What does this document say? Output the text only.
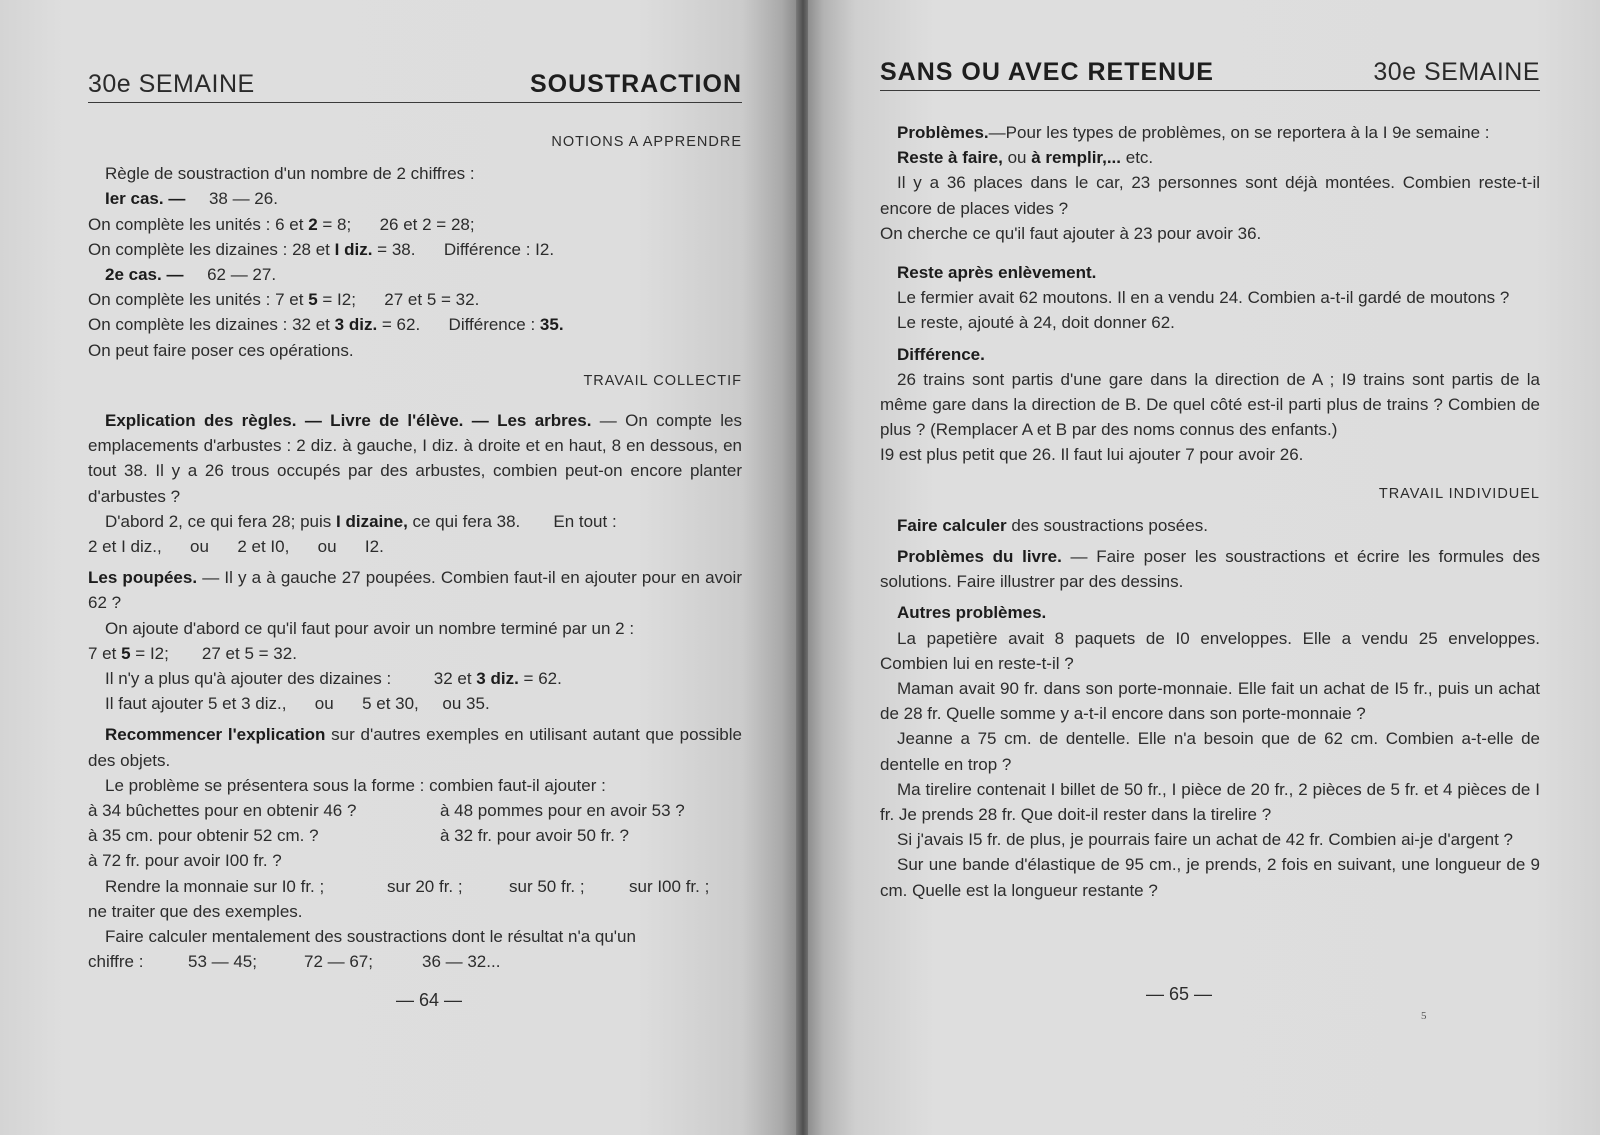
30e SEMAINE	SOUSTRACTION

NOTIONS A APPRENDRE

Règle de soustraction d'un nombre de 2 chiffres :

Ier cas. — 38 — 26.

On complète les unités : 6 et 2 = 8; 26 et 2 = 28;

On complète les dizaines : 28 et I diz. = 38. Différence : I2.

2e cas. — 62 — 27.

On complète les unités : 7 et 5 = I2; 27 et 5 = 32.

On complète les dizaines : 32 et 3 diz. = 62. Différence : 35.

On peut faire poser ces opérations.

TRAVAIL COLLECTIF

Explication des règles. — Livre de l'élève. — Les arbres. — On compte les emplacements d'arbustes : 2 diz. à gauche, I diz. à droite et en haut, 8 en dessous, en tout 38. Il y a 26 trous occupés par des arbustes, combien peut-on encore planter d'arbustes ?

D'abord 2, ce qui fera 28; puis I dizaine, ce qui fera 38. En tout :

2 et I diz., ou 2 et I0, ou I2.

Les poupées. — Il y a à gauche 27 poupées. Combien faut-il en ajouter pour en avoir 62 ?

On ajoute d'abord ce qu'il faut pour avoir un nombre terminé par un 2 :

7 et 5 = I2; 27 et 5 = 32.

Il n'y a plus qu'à ajouter des dizaines :	32 et 3 diz. = 62.

Il faut ajouter 5 et 3 diz., ou 5 et 30, ou 35.

Recommencer l'explication sur d'autres exemples en utilisant autant que possible des objets.

Le problème se présentera sous la forme : combien faut-il ajouter :

à 34 bûchettes pour en obtenir 46 ?	à 48 pommes pour en avoir 53 ?
à 35 cm. pour obtenir 52 cm. ?	à 32 fr. pour avoir 50 fr. ?
à 72 fr. pour avoir I00 fr. ?
Rendre la monnaie sur I0 fr. ;	sur 20 fr. ;	sur 50 fr. ;	sur I00 fr. ;

ne traiter que des exemples.

Faire calculer mentalement des soustractions dont le résultat n'a qu'un

chiffre :	53 — 45;	72 — 67;	36 — 32...
— 64 —
SANS OU AVEC RETENUE	30e SEMAINE

Problèmes.—Pour les types de problèmes, on se reportera à la I 9e semaine :

Reste à faire, ou à remplir,... etc.

Il y a 36 places dans le car, 23 personnes sont déjà montées. Combien reste-t-il encore de places vides ?

On cherche ce qu'il faut ajouter à 23 pour avoir 36.

Reste après enlèvement.

Le fermier avait 62 moutons. Il en a vendu 24. Combien a-t-il gardé de moutons ?

Le reste, ajouté à 24, doit donner 62.

Différence.

26 trains sont partis d'une gare dans la direction de A ; I9 trains sont partis de la même gare dans la direction de B. De quel côté est-il parti plus de trains ? Combien de plus ? (Remplacer A et B par des noms connus des enfants.)

I9 est plus petit que 26. Il faut lui ajouter 7 pour avoir 26.

TRAVAIL INDIVIDUEL

Faire calculer des soustractions posées.

Problèmes du livre. — Faire poser les soustractions et écrire les formules des solutions. Faire illustrer par des dessins.

Autres problèmes.

La papetière avait 8 paquets de I0 enveloppes. Elle a vendu 25 enveloppes. Combien lui en reste-t-il ?

Maman avait 90 fr. dans son porte-monnaie. Elle fait un achat de I5 fr., puis un achat de 28 fr. Quelle somme y a-t-il encore dans son porte-monnaie ?

Jeanne a 75 cm. de dentelle. Elle n'a besoin que de 62 cm. Combien a-t-elle de dentelle en trop ?

Ma tirelire contenait I billet de 50 fr., I pièce de 20 fr., 2 pièces de 5 fr. et 4 pièces de I fr. Je prends 28 fr. Que doit-il rester dans la tirelire ?

Si j'avais I5 fr. de plus, je pourrais faire un achat de 42 fr. Combien ai-je d'argent ?

Sur une bande d'élastique de 95 cm., je prends, 2 fois en suivant, une longueur de 9 cm. Quelle est la longueur restante ?

— 65 —
5
